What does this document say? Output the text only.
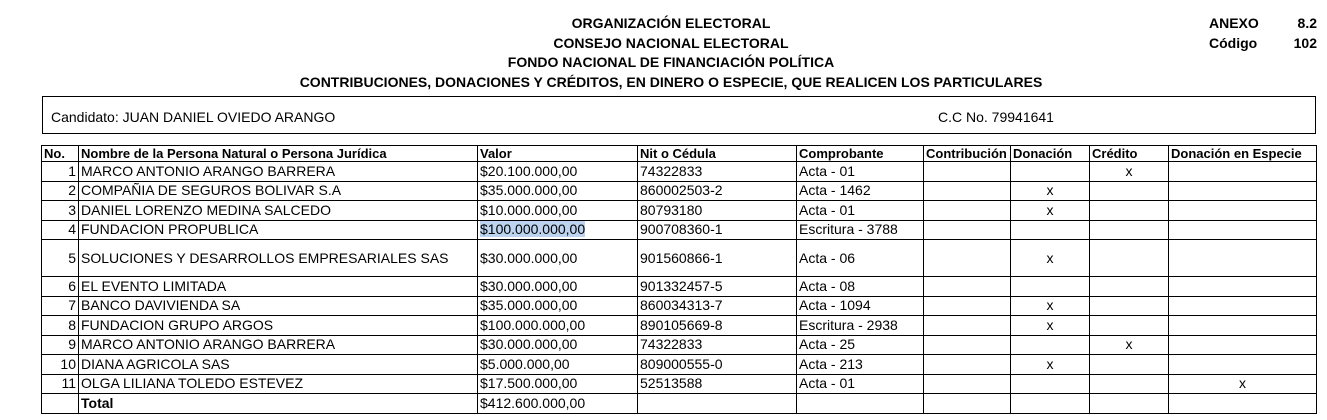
ORGANIZACIÓN ELECTORAL
CONSEJO NACIONAL ELECTORAL
FONDO NACIONAL DE FINANCIACIÓN POLÍTICA
CONTRIBUCIONES, DONACIONES Y CRÉDITOS, EN DINERO O ESPECIE, QUE REALICEN LOS PARTICULARES
ANEXO	8.2
Código	102
Candidato: JUAN DANIEL OVIEDO ARANGO	C.C No. 79941641
No.	Nombre de la Persona Natural o Persona Jurídica	Valor	Nit o Cédula	Comprobante	Contribución	Donación	Crédito	Donación en Especie
1	MARCO ANTONIO ARANGO BARRERA	$20.100.000,00	74322833	Acta - 01			x	
2	COMPAÑIA DE SEGUROS BOLIVAR S.A	$35.000.000,00	860002503-2	Acta - 1462		x		
3	DANIEL LORENZO MEDINA SALCEDO	$10.000.000,00	80793180	Acta - 01		x		
4	FUNDACION PROPUBLICA	$100.000.000,00	900708360-1	Escritura - 3788				
5	SOLUCIONES Y DESARROLLOS EMPRESARIALES SAS	$30.000.000,00	901560866-1	Acta - 06		x		
6	EL EVENTO LIMITADA	$30.000.000,00	901332457-5	Acta - 08				
7	BANCO DAVIVIENDA SA	$35.000.000,00	860034313-7	Acta - 1094		x		
8	FUNDACION GRUPO ARGOS	$100.000.000,00	890105669-8	Escritura - 2938		x		
9	MARCO ANTONIO ARANGO BARRERA	$30.000.000,00	74322833	Acta - 25			x	
10	DIANA AGRICOLA SAS	$5.000.000,00	809000555-0	Acta - 213		x		
11	OLGA LILIANA TOLEDO ESTEVEZ	$17.500.000,00	52513588	Acta - 01				x
	Total	$412.600.000,00						
